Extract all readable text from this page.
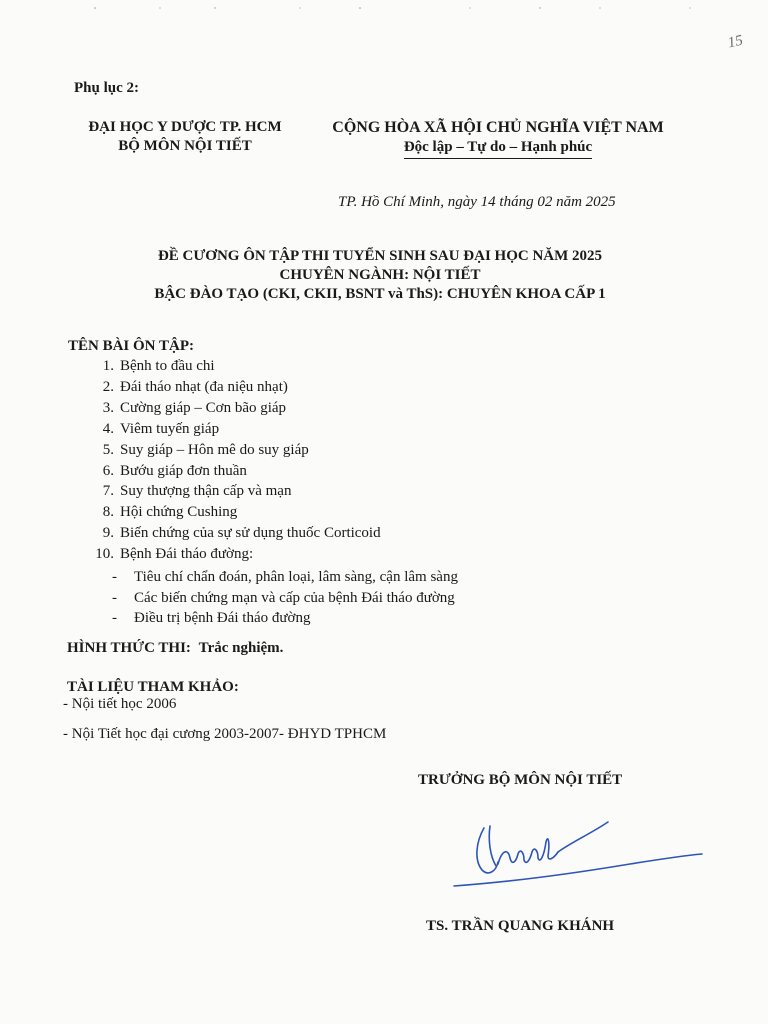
15
Phụ lục 2:
ĐẠI HỌC Y DƯỢC TP. HCM
BỘ MÔN NỘI TIẾT
CỘNG HÒA XÃ HỘI CHỦ NGHĨA VIỆT NAM
Độc lập – Tự do – Hạnh phúc
TP. Hồ Chí Minh, ngày 14 tháng 02 năm 2025
ĐỀ CƯƠNG ÔN TẬP THI TUYỂN SINH SAU ĐẠI HỌC NĂM 2025
CHUYÊN NGÀNH: NỘI TIẾT
BẬC ĐÀO TẠO (CKI, CKII, BSNT và ThS): CHUYÊN KHOA CẤP 1
TÊN BÀI ÔN TẬP:
1. Bệnh to đầu chi
2. Đái tháo nhạt (đa niệu nhạt)
3. Cường giáp – Cơn bão giáp
4. Viêm tuyến giáp
5. Suy giáp – Hôn mê do suy giáp
6. Bướu giáp đơn thuần
7. Suy thượng thận cấp và mạn
8. Hội chứng Cushing
9. Biến chứng của sự sử dụng thuốc Corticoid
10. Bệnh Đái tháo đường:
- Tiêu chí chẩn đoán, phân loại, lâm sàng, cận lâm sàng
- Các biến chứng mạn và cấp của bệnh Đái tháo đường
- Điều trị bệnh Đái tháo đường
HÌNH THỨC THI: Trắc nghiệm.
TÀI LIỆU THAM KHẢO:
- Nội tiết học 2006
- Nội Tiết học đại cương 2003-2007- ĐHYD TPHCM
TRƯỞNG BỘ MÔN NỘI TIẾT
TS. TRẦN QUANG KHÁNH
